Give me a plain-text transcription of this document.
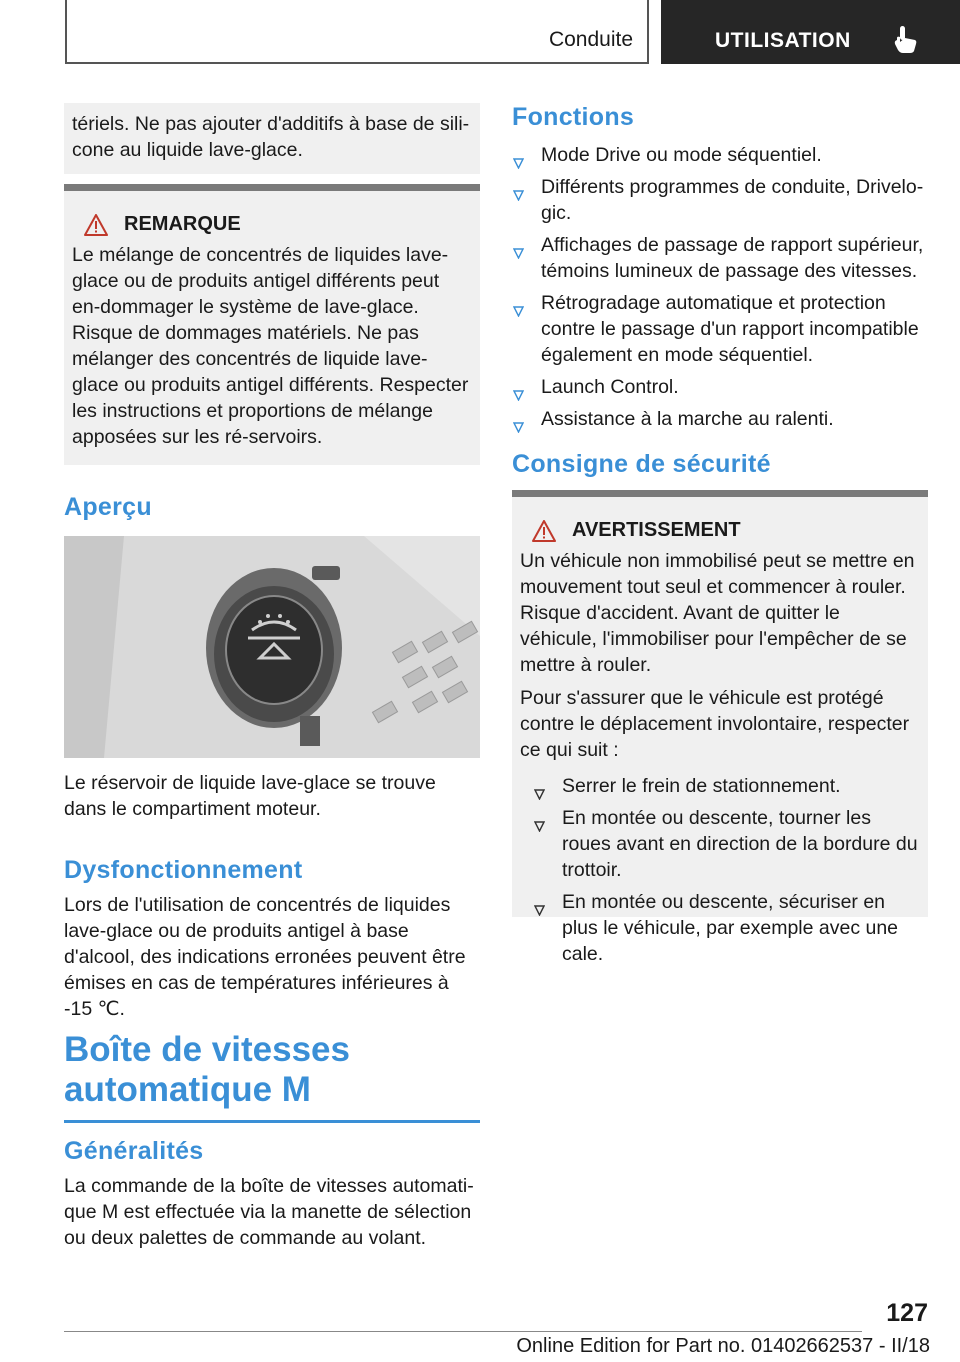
Conduite	UTILISATION

tériels. Ne pas ajouter d'additifs à base de sili-cone au liquide lave-glace.

REMARQUE

Le mélange de concentrés de liquides lave-glace ou de produits antigel différents peut en-dommager le système de lave-glace. Risque de dommages matériels. Ne pas mélanger des concentrés de liquide lave-glace ou produits antigel différents. Respecter les instructions et proportions de mélange apposées sur les ré-servoirs.

Aperçu

Le réservoir de liquide lave-glace se trouve dans le compartiment moteur.

Dysfonctionnement

Lors de l'utilisation de concentrés de liquides lave-glace ou de produits antigel à base d'alcool, des indications erronées peuvent être émises en cas de températures inférieures à ‑15 ℃.

Boîte de vitesses
automatique M
Généralités

La commande de la boîte de vitesses automati-que M est effectuée via la manette de sélection ou deux palettes de commande au volant.

Fonctions
Mode Drive ou mode séquentiel.
Différents programmes de conduite, Drivelo-gic.
Affichages de passage de rapport supérieur, témoins lumineux de passage des vitesses.
Rétrogradage automatique et protection contre le passage d'un rapport incompatible également en mode séquentiel.
Launch Control.
Assistance à la marche au ralenti.
Consigne de sécurité
AVERTISSEMENT

Un véhicule non immobilisé peut se mettre en mouvement tout seul et commencer à rouler. Risque d'accident. Avant de quitter le véhicule, l'immobiliser pour l'empêcher de se mettre à rouler.

Pour s'assurer que le véhicule est protégé contre le déplacement involontaire, respecter ce qui suit :

Serrer le frein de stationnement.
En montée ou descente, tourner les roues avant en direction de la bordure du trottoir.
En montée ou descente, sécuriser en plus le véhicule, par exemple avec une cale.
127
Online Edition for Part no. 01402662537 - II/18
